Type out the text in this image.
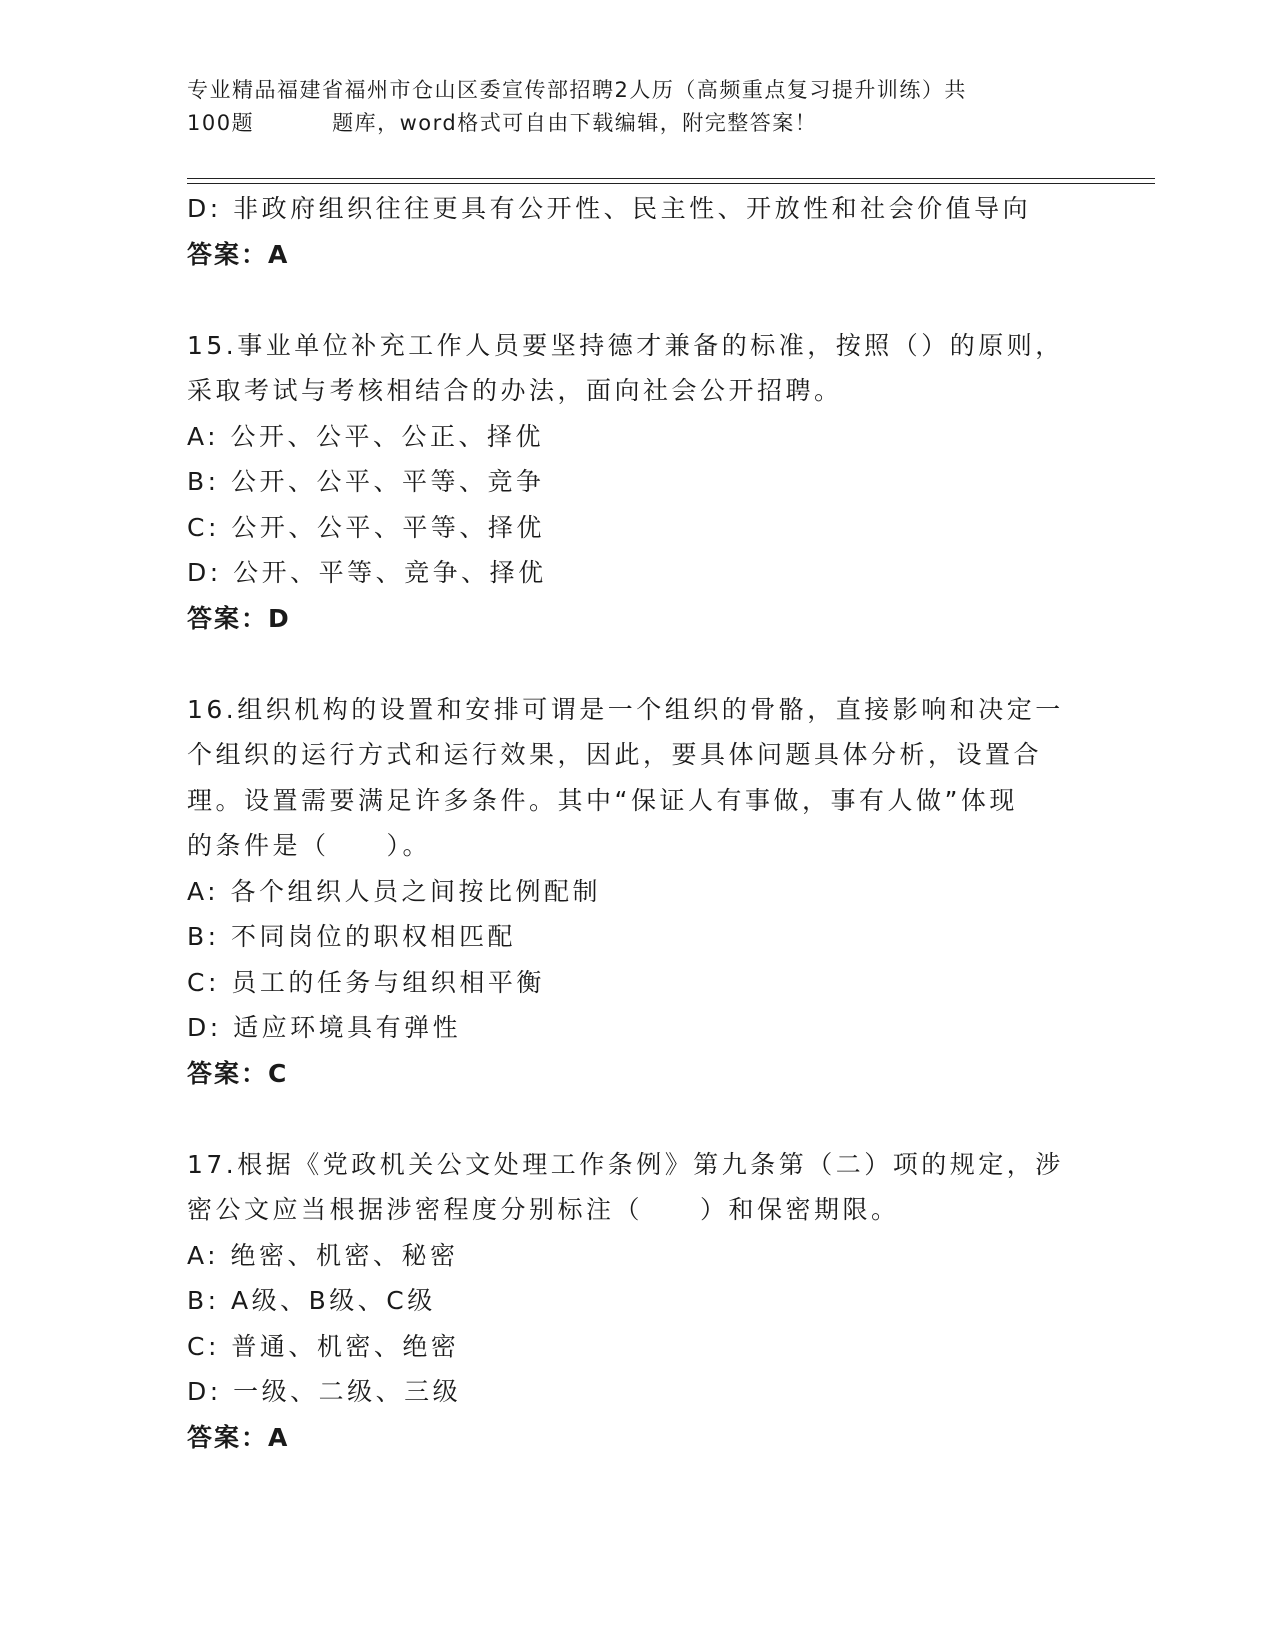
专业精品福建省福州市仓山区委宣传部招聘2人历（高频重点复习提升训练）共
100题	题库，word格式可自由下载编辑，附完整答案！
D: 非政府组织往往更具有公开性、民主性、开放性和社会价值导向
答案：A
15.事业单位补充工作人员要坚持德才兼备的标准，按照（）的原则，
采取考试与考核相结合的办法，面向社会公开招聘。
A: 公开、公平、公正、择优
B: 公开、公平、平等、竞争
C: 公开、公平、平等、择优
D: 公开、平等、竞争、择优
答案：D
16.组织机构的设置和安排可谓是一个组织的骨骼，直接影响和决定一
个组织的运行方式和运行效果，因此，要具体问题具体分析，设置合
理。设置需要满足许多条件。其中“保证人有事做，事有人做”体现
的条件是（　　）。
A: 各个组织人员之间按比例配制
B: 不同岗位的职权相匹配
C: 员工的任务与组织相平衡
D: 适应环境具有弹性
答案：C
17.根据《党政机关公文处理工作条例》第九条第（二）项的规定，涉
密公文应当根据涉密程度分别标注（　　）和保密期限。
A: 绝密、机密、秘密
B: A级、B级、C级
C: 普通、机密、绝密
D: 一级、二级、三级
答案：A
